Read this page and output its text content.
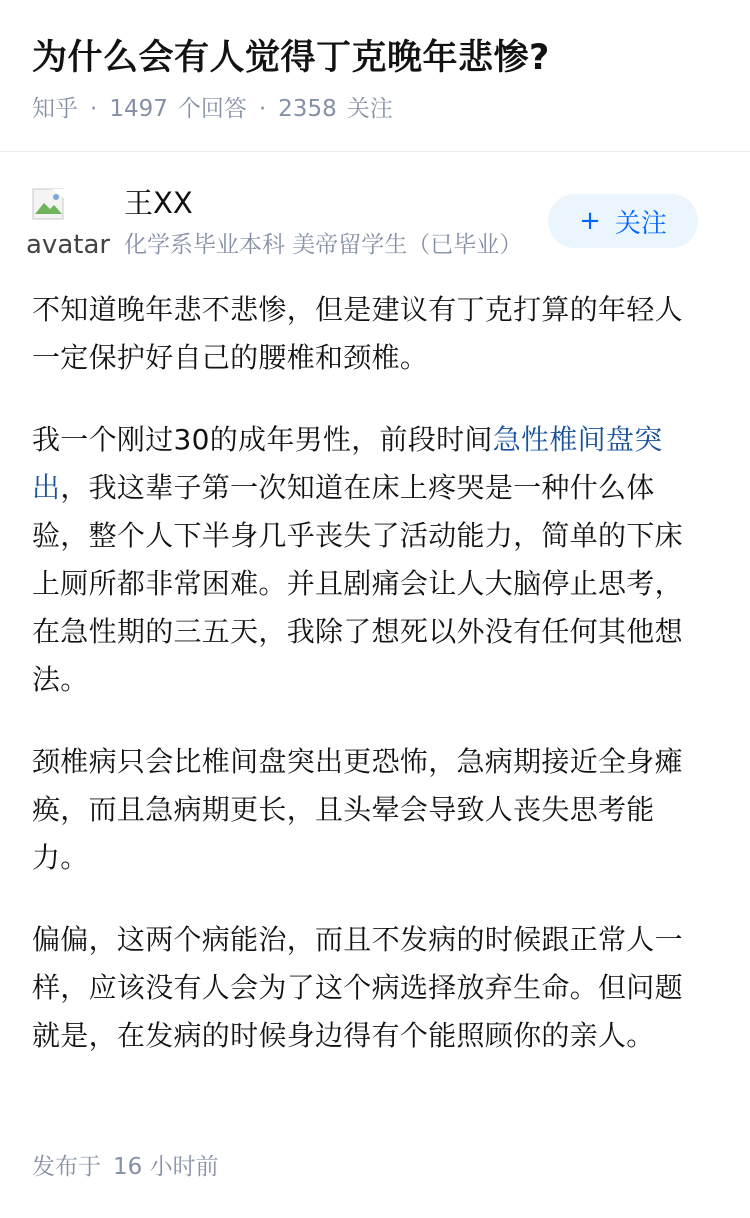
为什么会有人觉得丁克晚年悲惨?
知乎 · 1497 个回答 · 2358 关注
avatar
王XX
化学系毕业本科 美帝留学生（已毕业）
+ 关注

不知道晚年悲不悲惨，但是建议有丁克打算的年轻人一定保护好自己的腰椎和颈椎。

我一个刚过30的成年男性，前段时间急性椎间盘突出，我这辈子第一次知道在床上疼哭是一种什么体验，整个人下半身几乎丧失了活动能力，简单的下床上厕所都非常困难。并且剧痛会让人大脑停止思考，在急性期的三五天，我除了想死以外没有任何其他想法。

颈椎病只会比椎间盘突出更恐怖，急病期接近全身瘫痪，而且急病期更长，且头晕会导致人丧失思考能力。

偏偏，这两个病能治，而且不发病的时候跟正常人一样，应该没有人会为了这个病选择放弃生命。但问题就是，在发病的时候身边得有个能照顾你的亲人。

发布于 16 小时前
